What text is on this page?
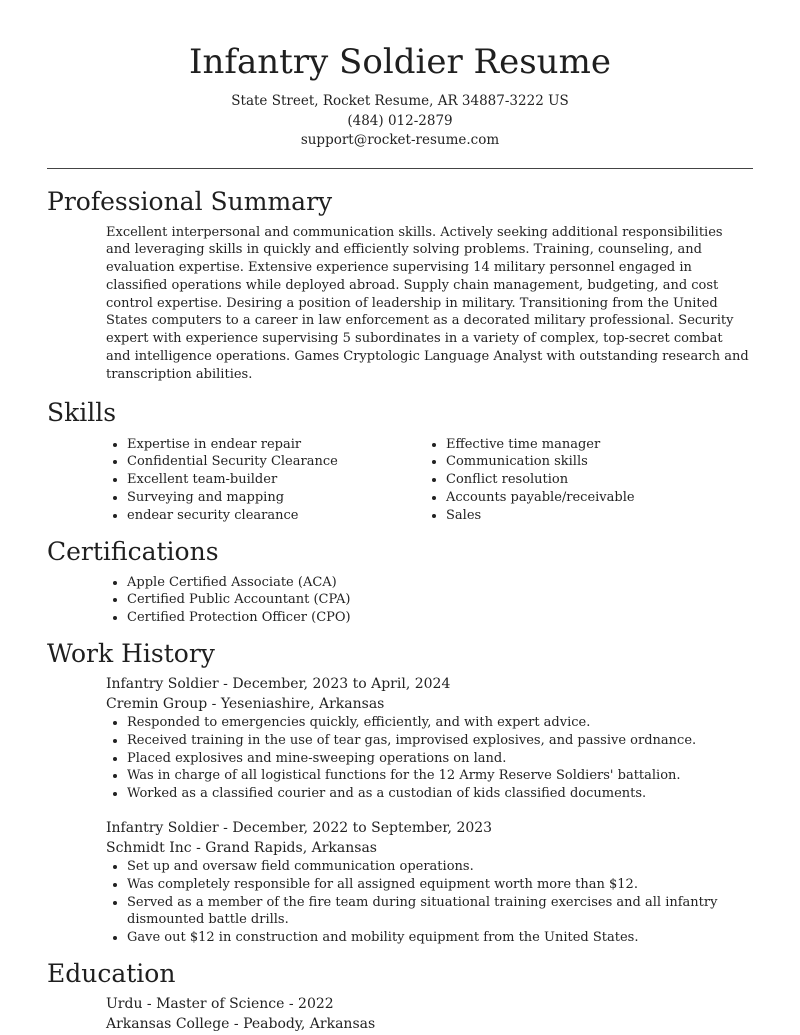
Infantry Soldier Resume
State Street, Rocket Resume, AR 34887-3222 US
(484) 012-2879
support@rocket-resume.com
Professional Summary
Excellent interpersonal and communication skills. Actively seeking additional responsibilities and leveraging skills in quickly and efficiently solving problems. Training, counseling, and evaluation expertise. Extensive experience supervising 14 military personnel engaged in classified operations while deployed abroad. Supply chain management, budgeting, and cost control expertise. Desiring a position of leadership in military. Transitioning from the United States computers to a career in law enforcement as a decorated military professional. Security expert with experience supervising 5 subordinates in a variety of complex, top-secret combat and intelligence operations. Games Cryptologic Language Analyst with outstanding research and transcription abilities.
Skills
• Expertise in endear repair
• Confidential Security Clearance
• Excellent team-builder
• Surveying and mapping
• endear security clearance
• Effective time manager
• Communication skills
• Conflict resolution
• Accounts payable/receivable
• Sales
Certifications
• Apple Certified Associate (ACA)
• Certified Public Accountant (CPA)
• Certified Protection Officer (CPO)
Work History
Infantry Soldier - December, 2023 to April, 2024
Cremin Group - Yeseniashire, Arkansas
• Responded to emergencies quickly, efficiently, and with expert advice.
• Received training in the use of tear gas, improvised explosives, and passive ordnance.
• Placed explosives and mine-sweeping operations on land.
• Was in charge of all logistical functions for the 12 Army Reserve Soldiers' battalion.
• Worked as a classified courier and as a custodian of kids classified documents.
Infantry Soldier - December, 2022 to September, 2023
Schmidt Inc - Grand Rapids, Arkansas
• Set up and oversaw field communication operations.
• Was completely responsible for all assigned equipment worth more than $12.
• Served as a member of the fire team during situational training exercises and all infantry dismounted battle drills.
• Gave out $12 in construction and mobility equipment from the United States.
Education
Urdu - Master of Science - 2022
Arkansas College - Peabody, Arkansas
